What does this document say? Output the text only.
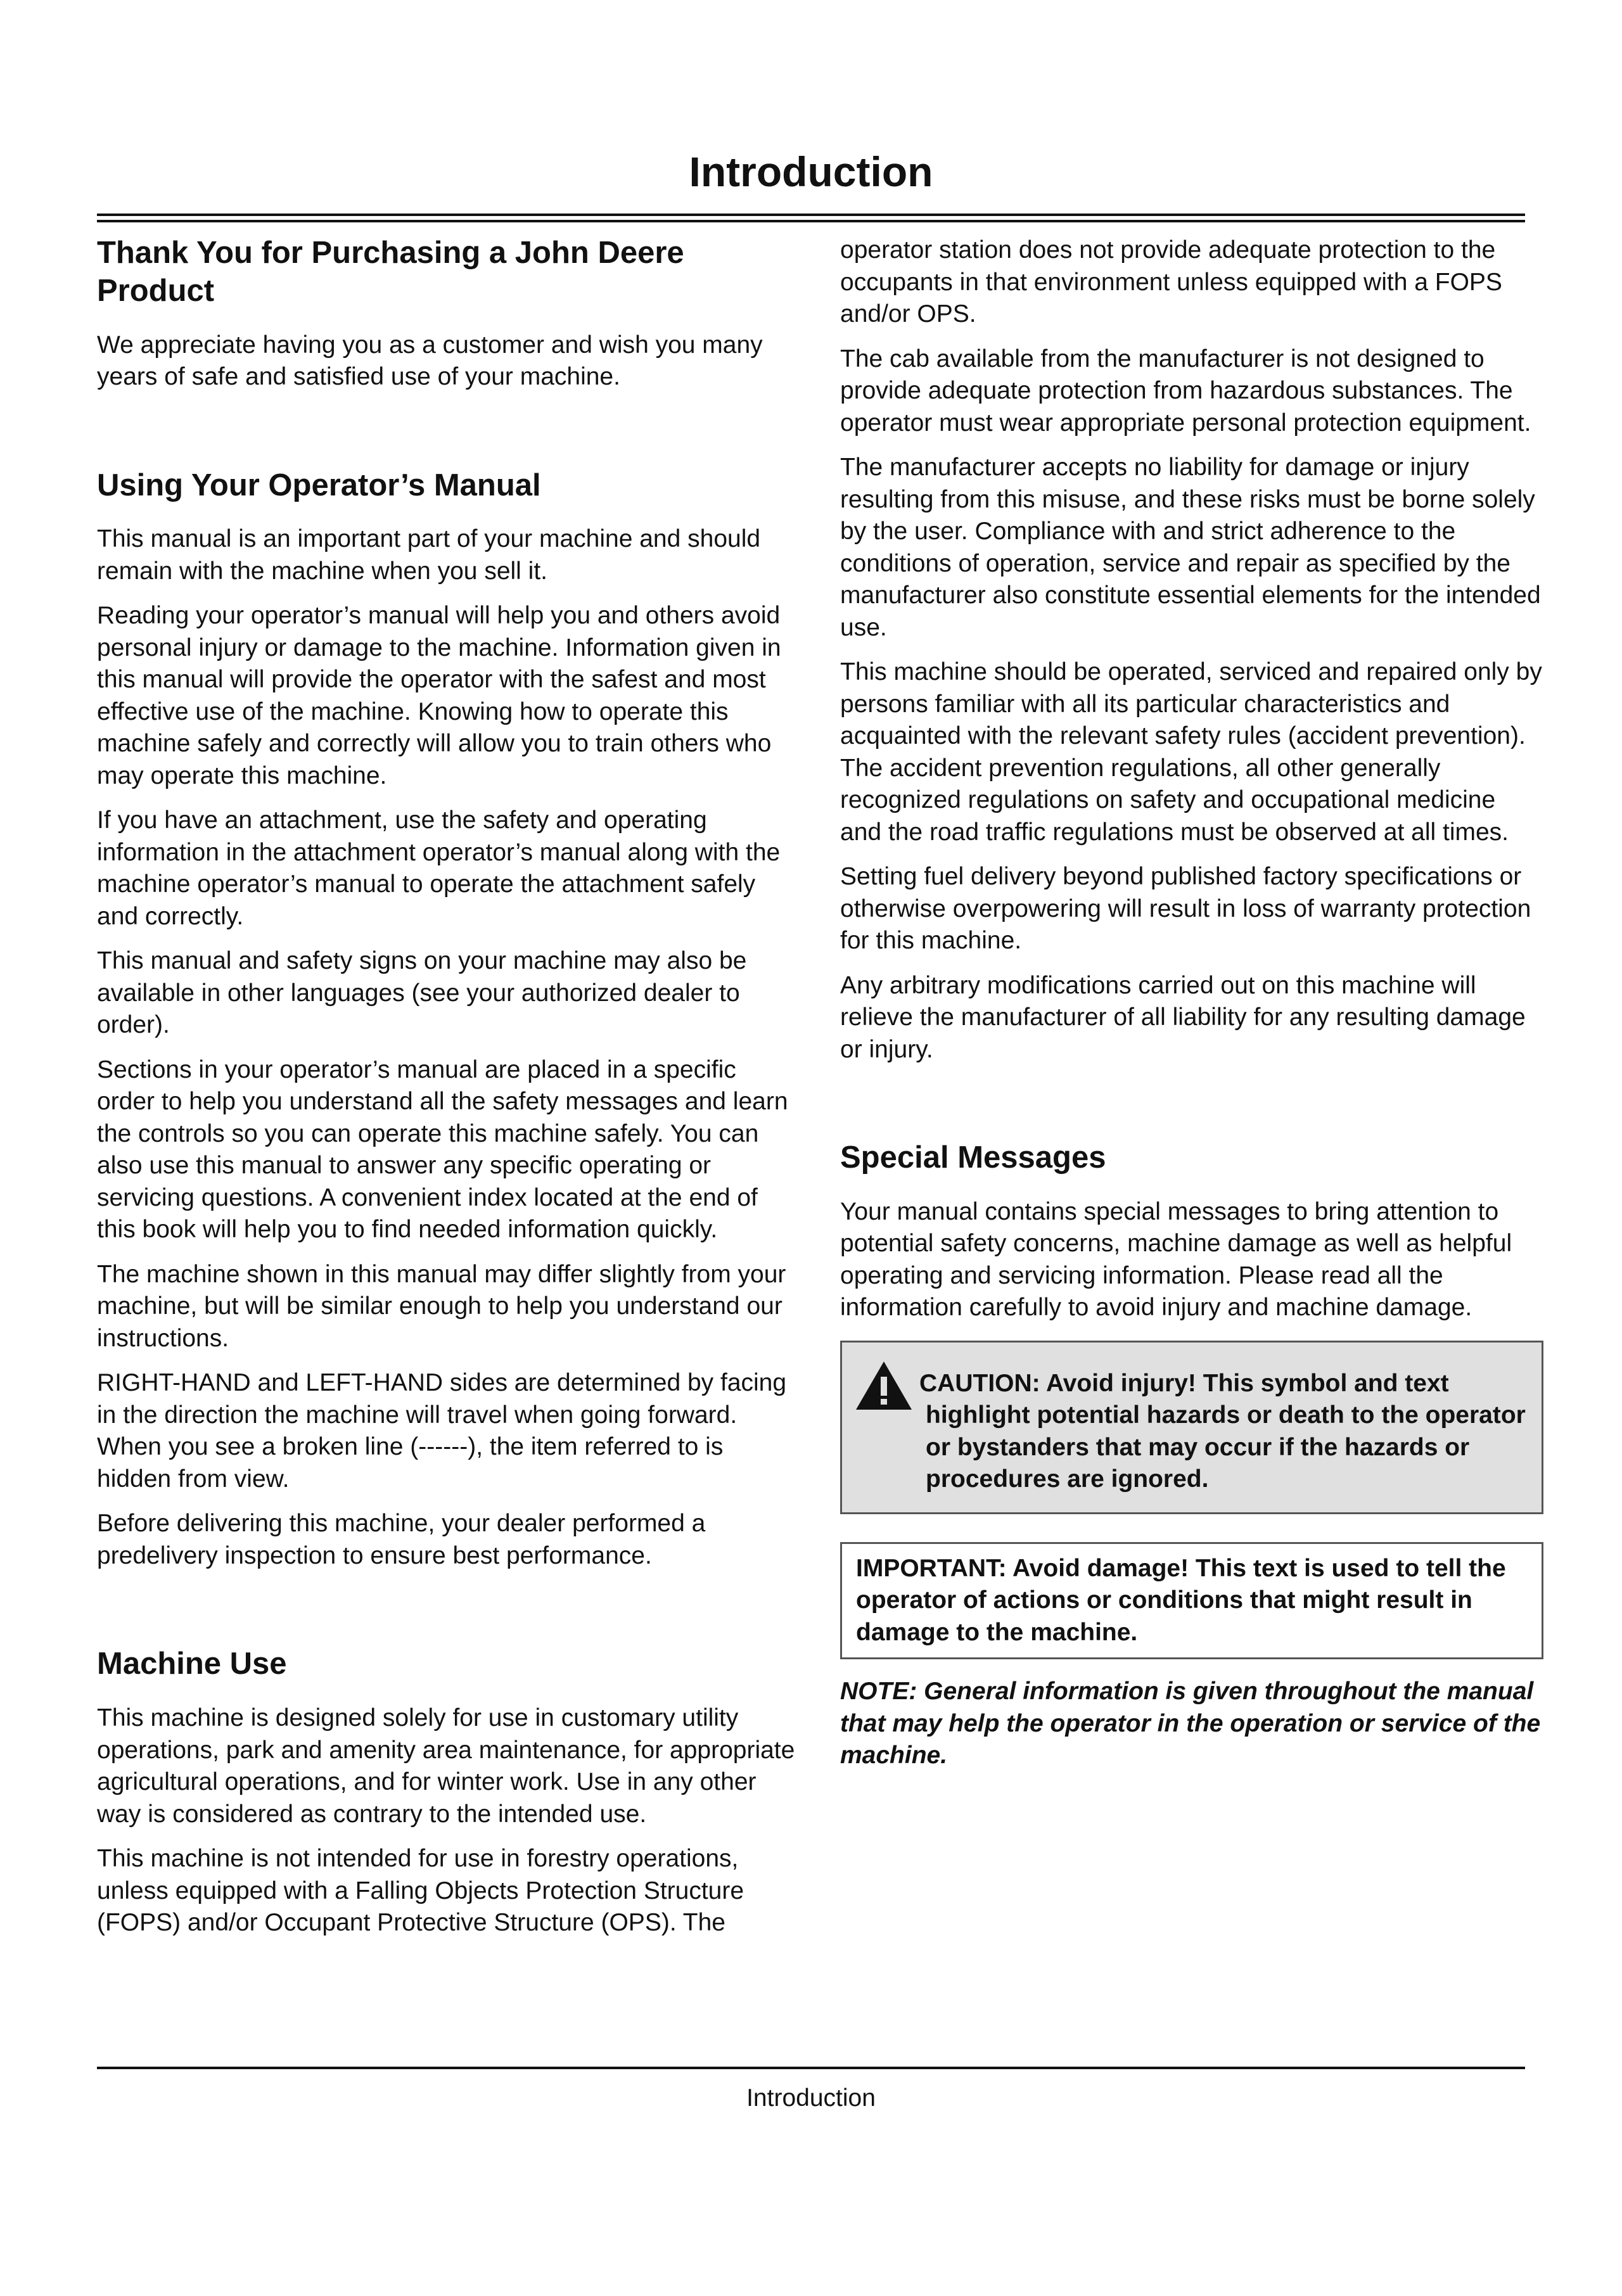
Introduction
Thank You for Purchasing a John Deere Product

We appreciate having you as a customer and wish you many years of safe and satisfied use of your machine.

Using Your Operator’s Manual

This manual is an important part of your machine and should remain with the machine when you sell it.

Reading your operator’s manual will help you and others avoid personal injury or damage to the machine. Information given in this manual will provide the operator with the safest and most effective use of the machine. Knowing how to operate this machine safely and correctly will allow you to train others who may operate this machine.

If you have an attachment, use the safety and operating information in the attachment operator’s manual along with the machine operator’s manual to operate the attachment safely and correctly.

This manual and safety signs on your machine may also be available in other languages (see your authorized dealer to order).

Sections in your operator’s manual are placed in a specific order to help you understand all the safety messages and learn the controls so you can operate this machine safely. You can also use this manual to answer any specific operating or servicing questions. A convenient index located at the end of this book will help you to find needed information quickly.

The machine shown in this manual may differ slightly from your machine, but will be similar enough to help you understand our instructions.

RIGHT-HAND and LEFT-HAND sides are determined by facing in the direction the machine will travel when going forward. When you see a broken line (------), the item referred to is hidden from view.

Before delivering this machine, your dealer performed a predelivery inspection to ensure best performance.

Machine Use

This machine is designed solely for use in customary utility operations, park and amenity area maintenance, for appropriate agricultural operations, and for winter work. Use in any other way is considered as contrary to the intended use.

This machine is not intended for use in forestry operations, unless equipped with a Falling Objects Protection Structure (FOPS) and/or Occupant Protective Structure (OPS). The

operator station does not provide adequate protection to the occupants in that environment unless equipped with a FOPS and/or OPS.

The cab available from the manufacturer is not designed to provide adequate protection from hazardous substances. The operator must wear appropriate personal protection equipment.

The manufacturer accepts no liability for damage or injury resulting from this misuse, and these risks must be borne solely by the user. Compliance with and strict adherence to the conditions of operation, service and repair as specified by the manufacturer also constitute essential elements for the intended use.

This machine should be operated, serviced and repaired only by persons familiar with all its particular characteristics and acquainted with the relevant safety rules (accident prevention). The accident prevention regulations, all other generally recognized regulations on safety and occupational medicine and the road traffic regulations must be observed at all times.

Setting fuel delivery beyond published factory specifications or otherwise overpowering will result in loss of warranty protection for this machine.

Any arbitrary modifications carried out on this machine will relieve the manufacturer of all liability for any resulting damage or injury.

Special Messages

Your manual contains special messages to bring attention to potential safety concerns, machine damage as well as helpful operating and servicing information. Please read all the information carefully to avoid injury and machine damage.

CAUTION: Avoid injury! This symbol and text
highlight potential hazards or death to the operator or bystanders that may occur if the hazards or procedures are ignored.
IMPORTANT: Avoid damage! This text is used to tell the operator of actions or conditions that might result in damage to the machine.

NOTE: General information is given throughout the manual that may help the operator in the operation or service of the machine.

Introduction
